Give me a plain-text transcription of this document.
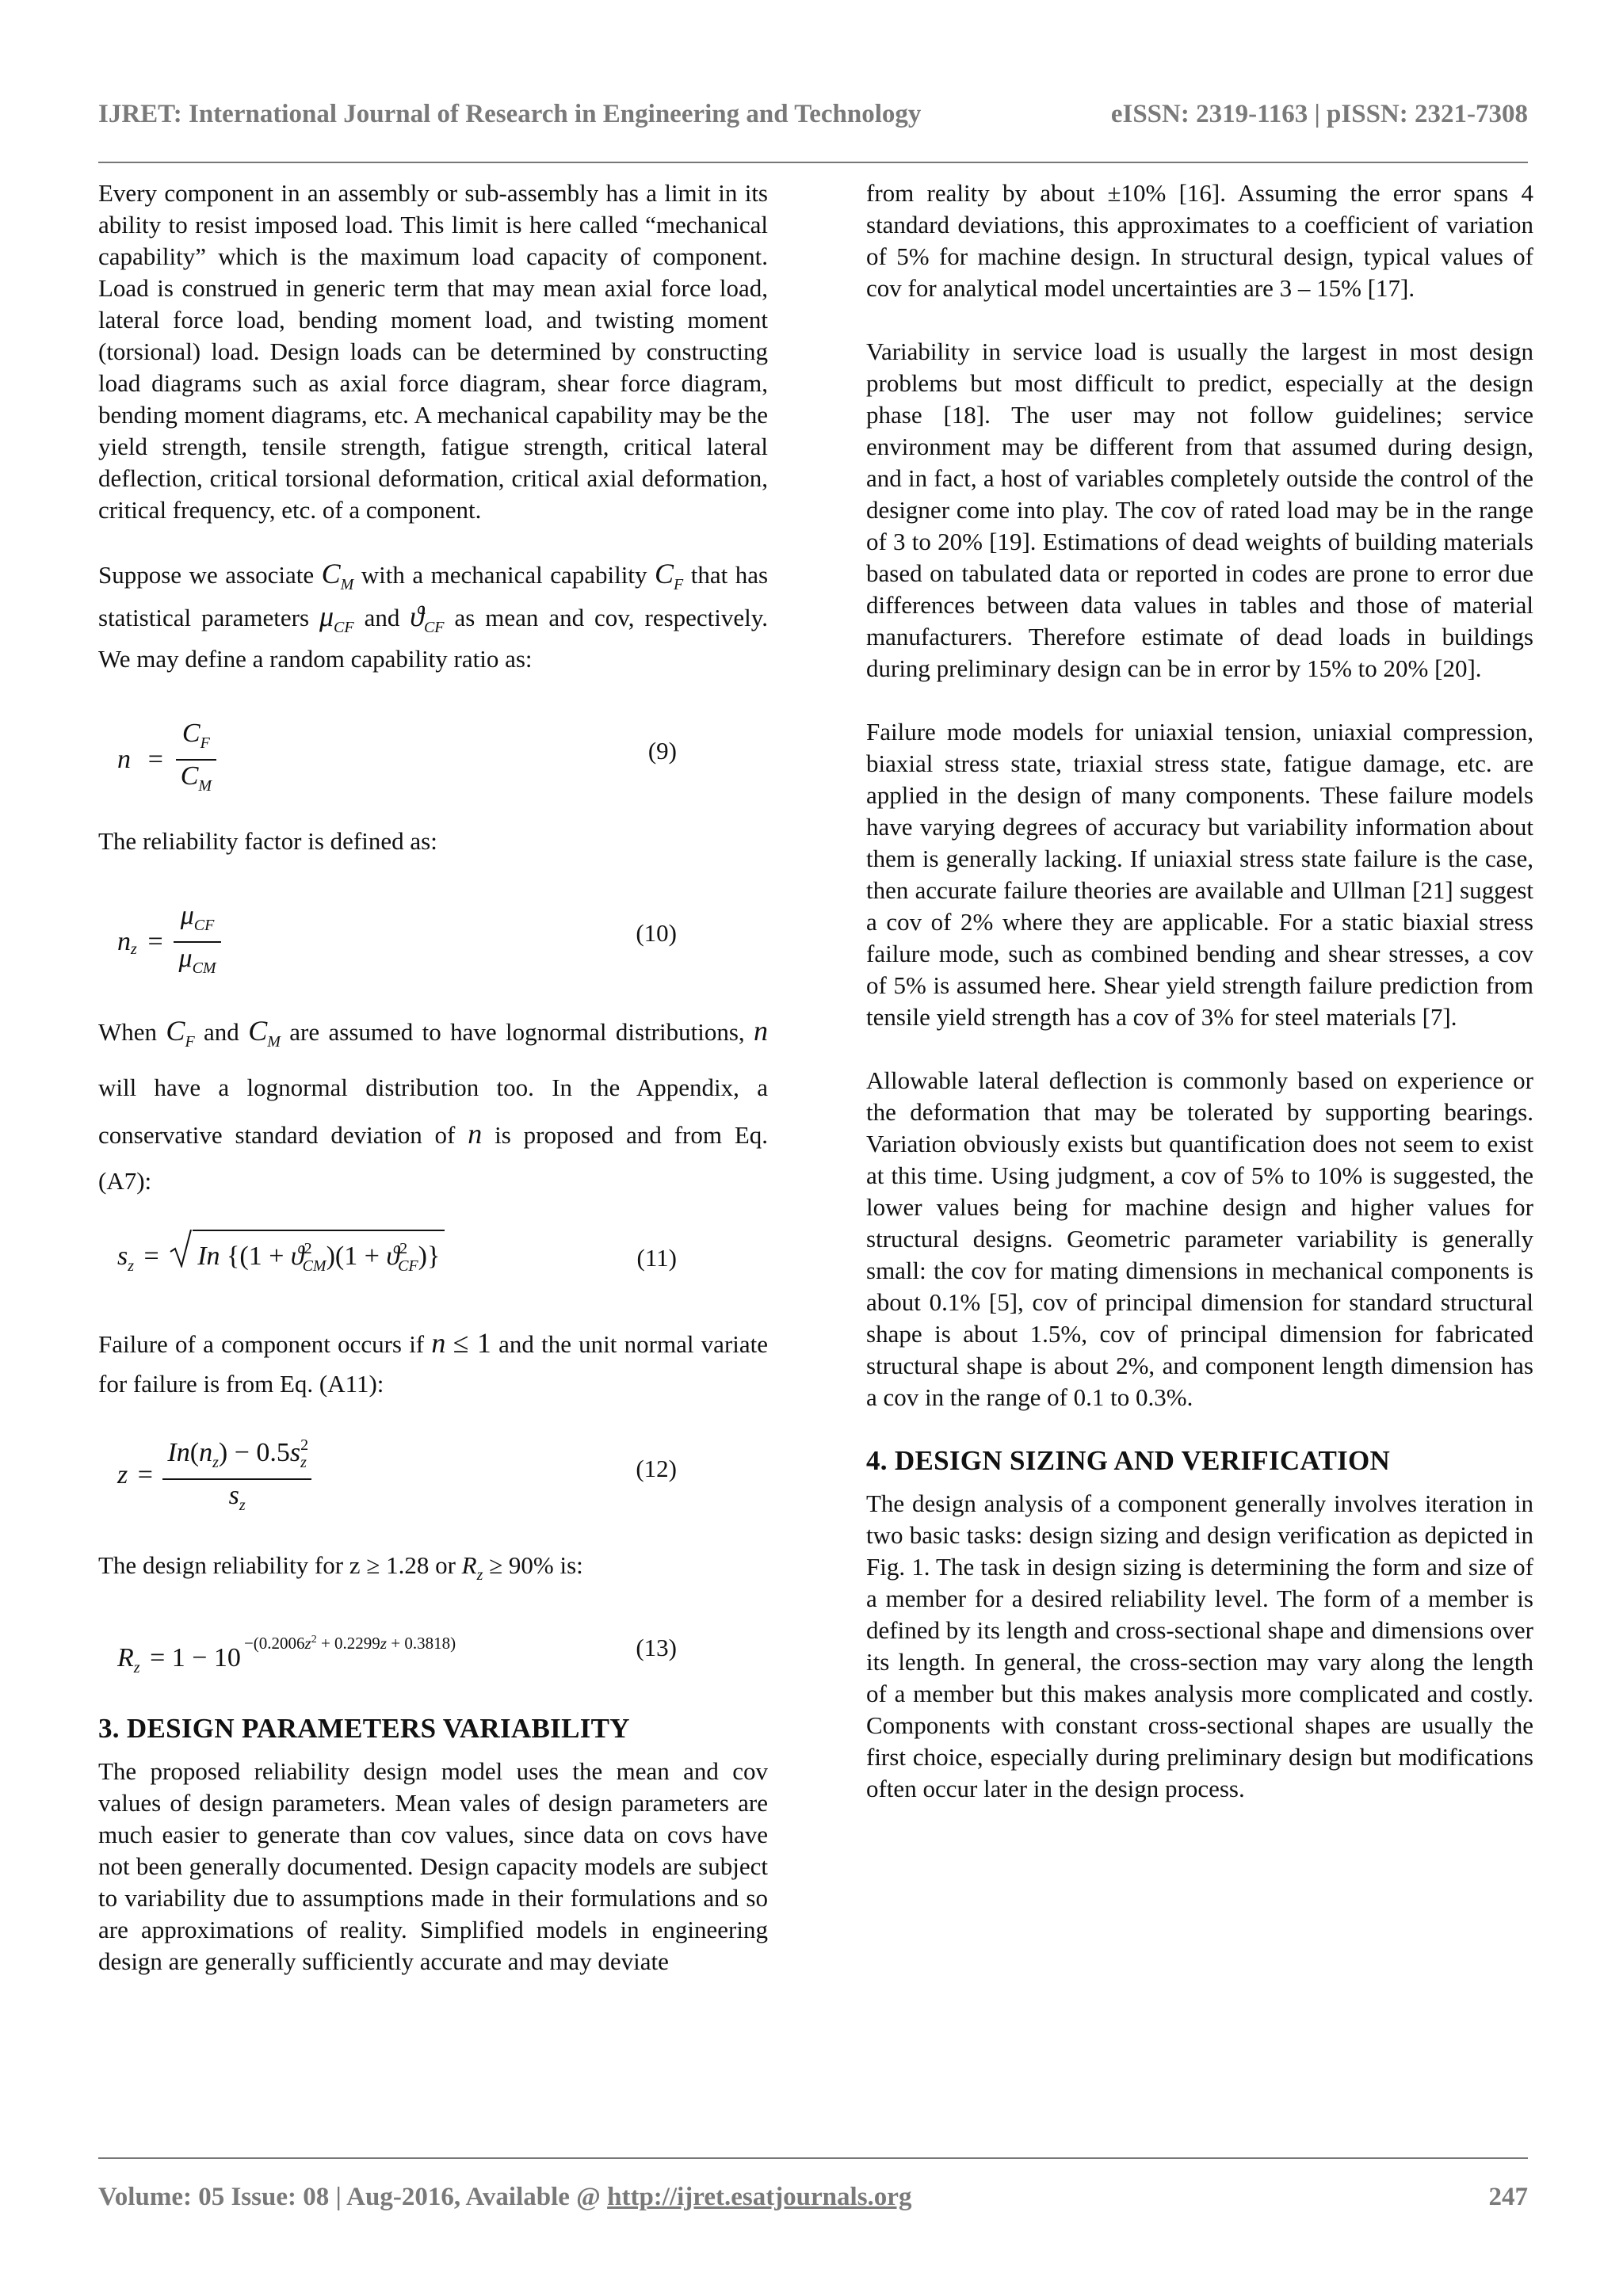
IJRET: International Journal of Research in Engineering and Technology	eISSN: 2319-1163 | pISSN: 2321-7308

Every component in an assembly or sub-assembly has a limit in its ability to resist imposed load. This limit is here called “mechanical capability” which is the maximum load capacity of component. Load is construed in generic term that may mean axial force load, lateral force load, bending moment load, and twisting moment (torsional) load. Design loads can be determined by constructing load diagrams such as axial force diagram, shear force diagram, bending moment diagrams, etc. A mechanical capability may be the yield strength, tensile strength, fatigue strength, critical lateral deflection, critical torsional deformation, critical axial deformation, critical frequency, etc. of a component.

Suppose we associate $C_M$ with a mechanical capability $C_F$ that has statistical parameters $\mu_{CF}$ and $ϑ_{CF}$ as mean and cov, respectively. We may define a random capability ratio as:

$n = \frac{C_F}{C_M}$	(9)

The reliability factor is defined as:

$n_z = \frac{\mu_{CF}}{\mu_{CM}}$	(10)

When $C_F$ and $C_M$ are assumed to have lognormal distributions, n will have a lognormal distribution too. In the Appendix, a conservative standard deviation of n is proposed and from Eq. (A7):

$s_z = In$ $\{(1 + ϑ^2_{CM})(1 + ϑ^2_{CF})\}$	(11)

Failure of a component occurs if n ≤ 1 and the unit normal variate for failure is from Eq. (A11):

$z = \frac{In(n_z) - 0.5s^2_z}{s_z}$	(12)

The design reliability for z ≥ 1.28 or $R_z \ge 90\%$ is:

$R_z = 1 - 10$ $^{-(0.2006z^2 + 0.2299z + 0.3818)}$	(13)
3. DESIGN PARAMETERS VARIABILITY

The proposed reliability design model uses the mean and cov values of design parameters. Mean vales of design parameters are much easier to generate than cov values, since data on covs have not been generally documented. Design capacity models are subject to variability due to assumptions made in their formulations and so are approximations of reality. Simplified models in engineering design are generally sufficiently accurate and may deviate

from reality by about ±10% [16]. Assuming the error spans 4 standard deviations, this approximates to a coefficient of variation of 5% for machine design. In structural design, typical values of cov for analytical model uncertainties are 3 – 15% [17].

Variability in service load is usually the largest in most design problems but most difficult to predict, especially at the design phase [18]. The user may not follow guidelines; service environment may be different from that assumed during design, and in fact, a host of variables completely outside the control of the designer come into play. The cov of rated load may be in the range of 3 to 20% [19]. Estimations of dead weights of building materials based on tabulated data or reported in codes are prone to error due differences between data values in tables and those of material manufacturers. Therefore estimate of dead loads in buildings during preliminary design can be in error by 15% to 20% [20].

Failure mode models for uniaxial tension, uniaxial compression, biaxial stress state, triaxial stress state, fatigue damage, etc. are applied in the design of many components. These failure models have varying degrees of accuracy but variability information about them is generally lacking. If uniaxial stress state failure is the case, then accurate failure theories are available and Ullman [21] suggest a cov of 2% where they are applicable. For a static biaxial stress failure mode, such as combined bending and shear stresses, a cov of 5% is assumed here. Shear yield strength failure prediction from tensile yield strength has a cov of 3% for steel materials [7].

Allowable lateral deflection is commonly based on experience or the deformation that may be tolerated by supporting bearings. Variation obviously exists but quantification does not seem to exist at this time. Using judgment, a cov of 5% to 10% is suggested, the lower values being for machine design and higher values for structural designs. Geometric parameter variability is generally small: the cov for mating dimensions in mechanical components is about 0.1% [5], cov of principal dimension for standard structural shape is about 1.5%, cov of principal dimension for fabricated structural shape is about 2%, and component length dimension has a cov in the range of 0.1 to 0.3%.

4. DESIGN SIZING AND VERIFICATION

The design analysis of a component generally involves iteration in two basic tasks: design sizing and design verification as depicted in Fig. 1. The task in design sizing is determining the form and size of a member for a desired reliability level. The form of a member is defined by its length and cross-sectional shape and dimensions over its length. In general, the cross-section may vary along the length of a member but this makes analysis more complicated and costly. Components with constant cross-sectional shapes are usually the first choice, especially during preliminary design but modifications often occur later in the design process.

Volume: 05 Issue: 08 | Aug-2016, Available @ http://ijret.esatjournals.org	247
